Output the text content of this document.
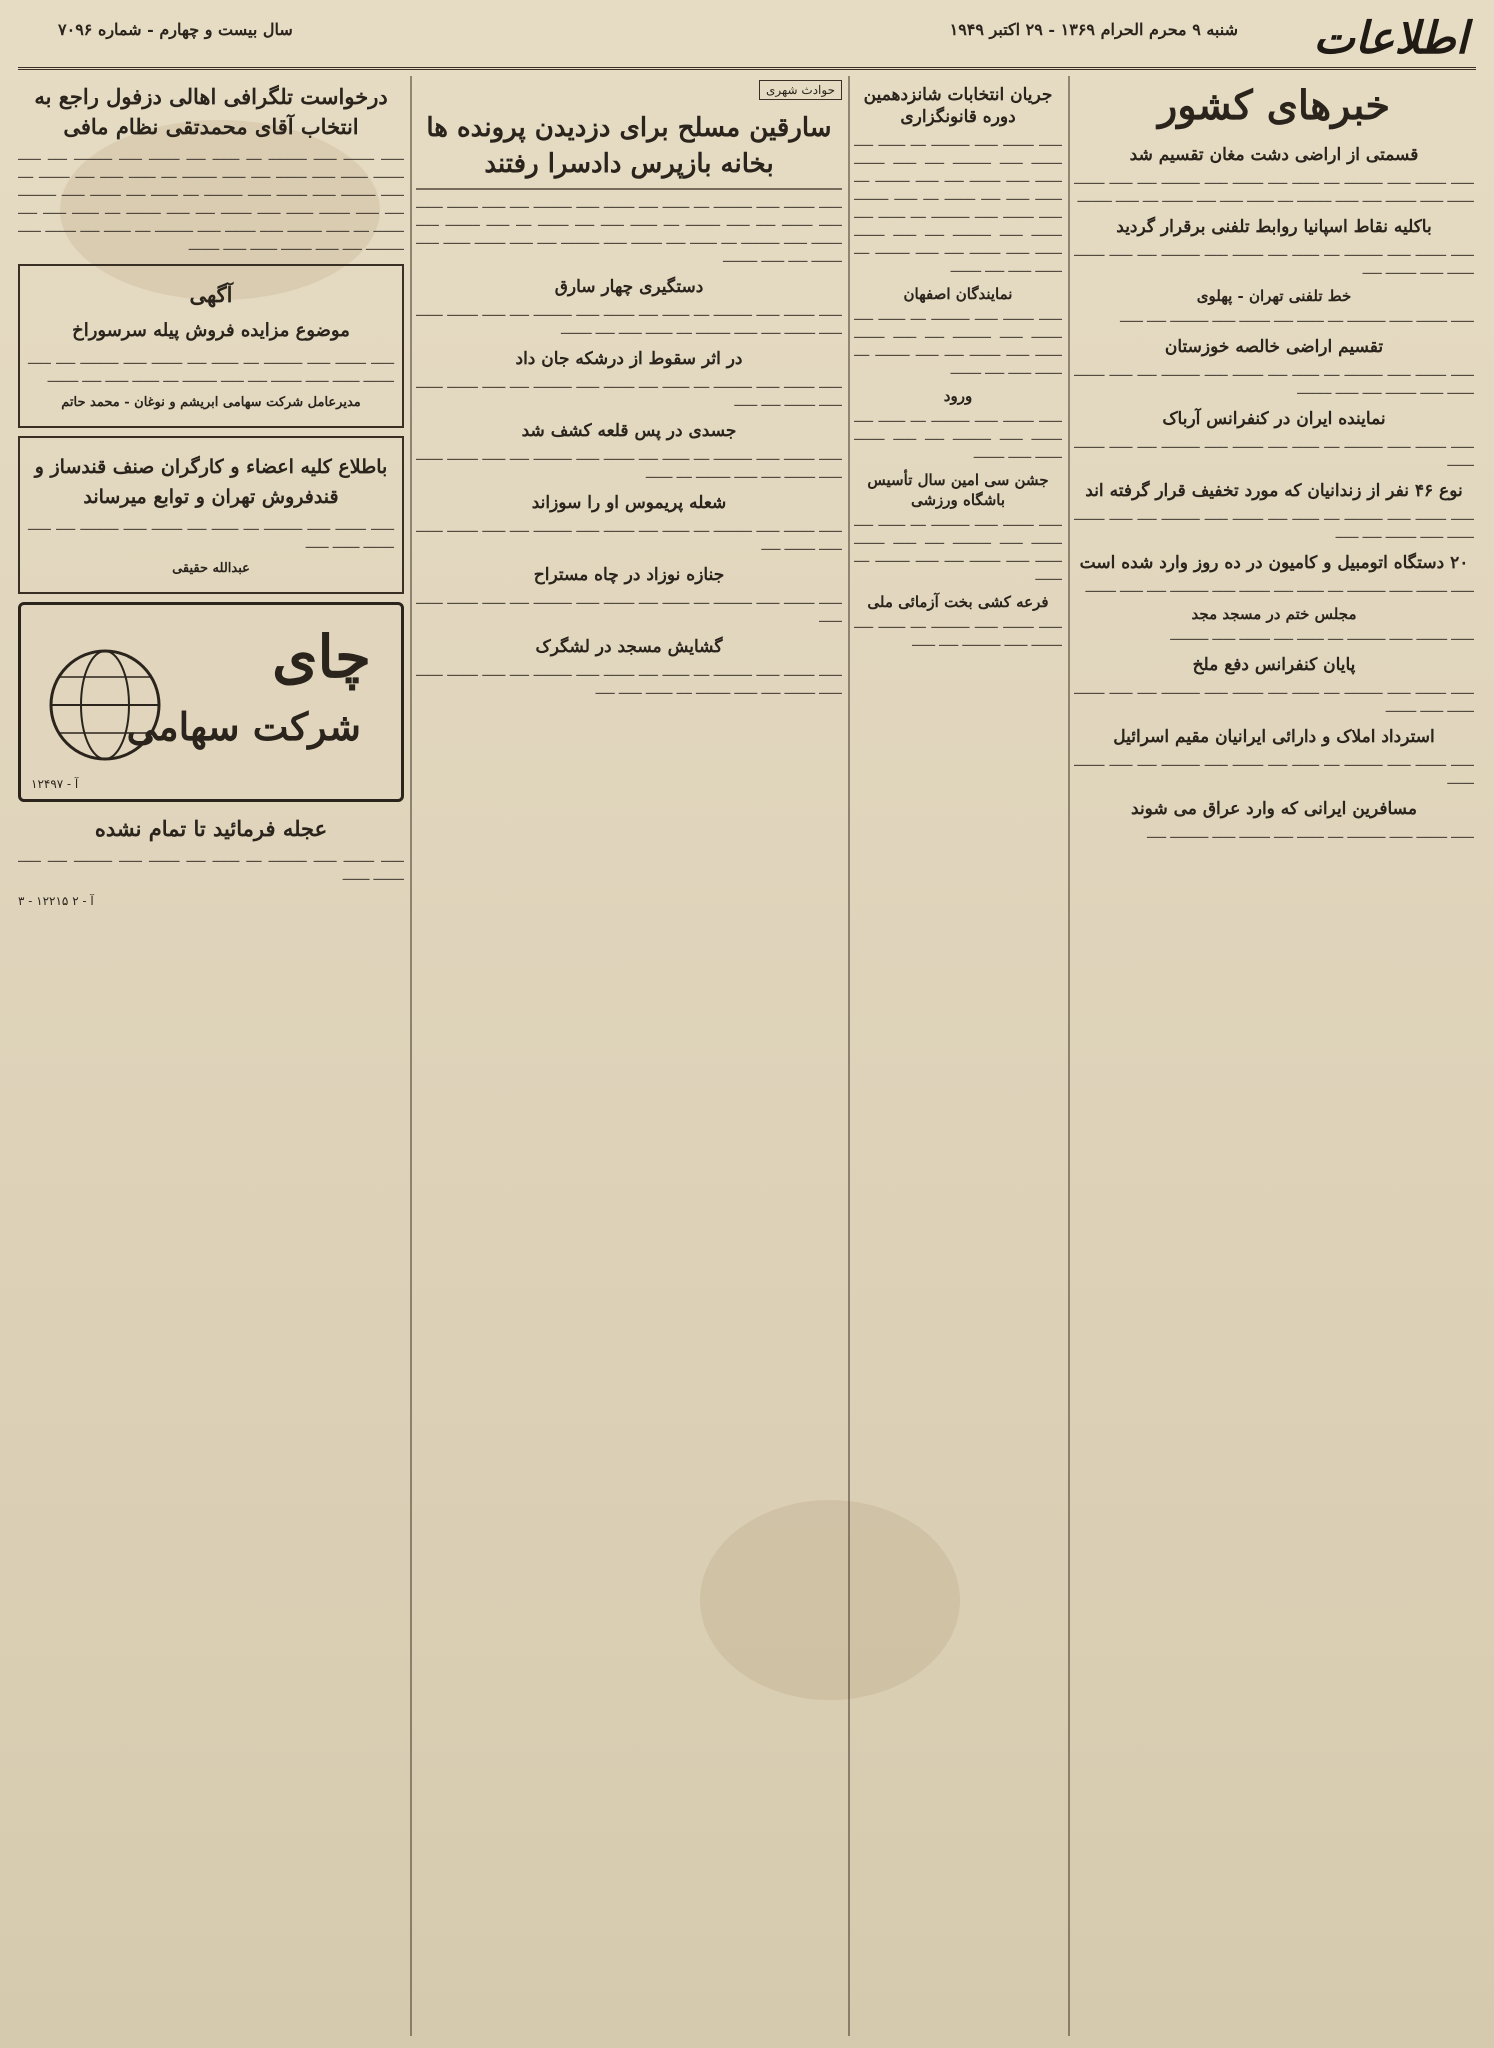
اطلاعات
شنبه ۹ محرم الحرام ۱۳۶۹ - ۲۹ اکتبر ۱۹۴۹
سال بیست و چهارم - شماره ۷۰۹۶
خبرهای کشور
قسمتی از اراضی دشت مغان تقسیم شد

ــــــ ــــــــ ــــــ ــــــــــ ــــ ـــــــ ـــــ ــــــــ ــــــ ــــــــــ ـــــ ــــــ ــــــــ ـــــــ ــــــ ــــــــ ـــــ ــــــ ـــــــــ ــــ ـــــــ ــــــ ـــــ ــــــــ ــــ ــــــ ـــــــــ

باکلیه نقاط اسپانیا روابط تلفنی برقرار گردید

ــــــ ــــــــ ــــــ ــــــــــ ــــ ـــــــ ـــــ ــــــــ ــــــ ــــــــــ ـــــ ــــــ ــــــــ ـــــــ ــــــ ــــــــ ـــــ

خط تلفنی تهران - پهلوی

ــــــ ــــــــ ــــــ ــــــــــ ــــ ـــــــ ـــــ ــــــــ ــــــ ــــــــــ ـــــ ــــــ

تقسیم اراضی خالصه خوزستان

ــــــ ــــــــ ــــــ ــــــــــ ــــ ـــــــ ـــــ ــــــــ ــــــ ــــــــــ ـــــ ــــــ ــــــــ ـــــــ ــــــ ــــــــ ـــــ ــــــ ـــــــــ

نماینده ایران در کنفرانس آرباک

ــــــ ــــــــ ــــــ ــــــــــ ــــ ـــــــ ـــــ ــــــــ ــــــ ــــــــــ ـــــ ــــــ ــــــــ ـــــــ

نوع ۴۶ نفر از زندانیان که مورد تخفیف قرار گرفته اند

ــــــ ــــــــ ــــــ ــــــــــ ــــ ـــــــ ـــــ ــــــــ ــــــ ــــــــــ ـــــ ــــــ ــــــــ ـــــــ ــــــ ــــــــ ـــــ ــــــ

۲۰ دستگاه اتومبیل و کامیون در ده روز وارد شده است

ــــــ ــــــــ ــــــ ــــــــــ ــــ ـــــــ ـــــ ــــــــ ــــــ ــــــــــ ـــــ ــــــ ــــــــ

مجلس ختم در مسجد مجد

ــــــ ــــــــ ــــــ ــــــــــ ــــ ـــــــ ـــــ ــــــــ ــــــ ــــــــــ

پایان کنفرانس دفع ملخ

ــــــ ــــــــ ــــــ ــــــــــ ــــ ـــــــ ـــــ ــــــــ ــــــ ــــــــــ ـــــ ــــــ ــــــــ ـــــــ ــــــ ــــــــ

استرداد املاک و دارائی ایرانیان مقیم اسرائیل

ــــــ ــــــــ ــــــ ــــــــــ ــــ ـــــــ ـــــ ــــــــ ــــــ ــــــــــ ـــــ ــــــ ــــــــ ـــــــ

مسافرین ایرانی که وارد عراق می شوند

ــــــ ــــــــ ــــــ ــــــــــ ــــ ـــــــ ـــــ ــــــــ ــــــ ــــــــــ ـــــ

جریان انتخابات شانزدهمین دوره قانونگزاری

ــــــ ــــــــ ــــــ ــــــــــ ــــ ـــــــ ـــــ ــــــــ ــــــ ــــــــــ ـــــ ــــــ ــــــــ ـــــــ ــــــ ــــــــ ـــــ ــــــ ـــــــــ ــــ ـــــــ ــــــ ـــــ ــــــــ ــــ ــــــ ـــــــــ ــــــ ــــــــ ــــــ ــــــــــ ــــ ـــــــ ـــــ ــــــــ ــــــ ــــــــــ ـــــ ــــــ ــــــــ ـــــــ ــــــ ــــــــ ـــــ ــــــ ـــــــــ ــــ ـــــــ ــــــ ـــــ ــــــــ

نمایندگان اصفهان

ــــــ ــــــــ ــــــ ــــــــــ ــــ ـــــــ ـــــ ــــــــ ــــــ ــــــــــ ـــــ ــــــ ــــــــ ـــــــ ــــــ ــــــــ ـــــ ــــــ ـــــــــ ــــ ـــــــ ــــــ ـــــ ــــــــ

ورود

ــــــ ــــــــ ــــــ ــــــــــ ــــ ـــــــ ـــــ ــــــــ ــــــ ــــــــــ ـــــ ــــــ ــــــــ ـــــــ ــــــ ــــــــ

جشن سی امین سال تأسیس باشگاه ورزشی

ــــــ ــــــــ ــــــ ــــــــــ ــــ ـــــــ ـــــ ــــــــ ــــــ ــــــــــ ـــــ ــــــ ــــــــ ـــــــ ــــــ ــــــــ ـــــ ــــــ ـــــــــ ــــ ـــــــ

فرعه کشی بخت آزمائی ملی

ــــــ ــــــــ ــــــ ــــــــــ ــــ ـــــــ ـــــ ــــــــ ــــــ ــــــــــ ـــــ ــــــ

حوادث شهری
سارقین مسلح برای دزدیدن پرونده ها بخانه بازپرس دادسرا رفتند

ــــــ ــــــــ ــــــ ــــــــــ ــــ ـــــــ ـــــ ــــــــ ــــــ ــــــــــ ـــــ ــــــ ــــــــ ـــــــ ــــــ ــــــــ ـــــ ــــــ ـــــــــ ــــ ـــــــ ــــــ ـــــ ــــــــ ــــ ــــــ ـــــــــ ــــــ ــــــــ ــــــ ــــــــــ ــــ ـــــــ ـــــ ــــــــ ــــــ ــــــــــ ـــــ ــــــ ــــــــ ـــــــ ــــــ ــــــــ ـــــ ــــــ ـــــــــ

دستگیری چهار سارق

ــــــ ــــــــ ــــــ ــــــــــ ــــ ـــــــ ـــــ ــــــــ ــــــ ــــــــــ ـــــ ــــــ ــــــــ ـــــــ ــــــ ــــــــ ـــــ ــــــ ـــــــــ ــــ ـــــــ ــــــ ـــــ ــــــــ

در اثر سقوط از درشکه جان داد

ــــــ ــــــــ ــــــ ــــــــــ ــــ ـــــــ ـــــ ــــــــ ــــــ ــــــــــ ـــــ ــــــ ــــــــ ـــــــ ــــــ ــــــــ ـــــ ــــــ

جسدی در پس قلعه کشف شد

ــــــ ــــــــ ــــــ ــــــــــ ــــ ـــــــ ـــــ ــــــــ ــــــ ــــــــــ ـــــ ــــــ ــــــــ ـــــــ ــــــ ــــــــ ـــــ ــــــ ـــــــــ ــــ ـــــــ

شعله پریموس او را سوزاند

ــــــ ــــــــ ــــــ ــــــــــ ــــ ـــــــ ـــــ ــــــــ ــــــ ــــــــــ ـــــ ــــــ ــــــــ ـــــــ ــــــ ــــــــ ـــــ

جنازه نوزاد در چاه مستراح

ــــــ ــــــــ ــــــ ــــــــــ ــــ ـــــــ ـــــ ــــــــ ــــــ ــــــــــ ـــــ ــــــ ــــــــ ـــــــ ــــــ

گشایش مسجد در لشگرک

ــــــ ــــــــ ــــــ ــــــــــ ــــ ـــــــ ـــــ ــــــــ ــــــ ــــــــــ ـــــ ــــــ ــــــــ ـــــــ ــــــ ــــــــ ـــــ ــــــ ـــــــــ ــــ ـــــــ ــــــ ـــــ

درخواست تلگرافی اهالی دزفول راجع به انتخاب آقای محمدتقی نظام مافی

ــــــ ــــــــ ــــــ ــــــــــ ــــ ـــــــ ـــــ ــــــــ ــــــ ــــــــــ ـــــ ــــــ ــــــــ ـــــــ ــــــ ــــــــ ـــــ ــــــ ـــــــــ ــــ ـــــــ ــــــ ـــــ ــــــــ ــــ ــــــ ـــــــــ ــــــ ــــــــ ــــــ ــــــــــ ــــ ـــــــ ـــــ ــــــــ ــــــ ــــــــــ ـــــ ــــــ ــــــــ ـــــــ ــــــ ــــــــ ـــــ ــــــ ـــــــــ ــــ ـــــــ ــــــ ـــــ ــــــــ ــــ ــــــ ـــــــــ ــــــ ــــــــ ــــــ ــــــــــ ــــ ـــــــ ـــــ ــــــــ ــــــ ــــــــــ ـــــ ــــــ ــــــــ ـــــــ ــــــ ــــــــ

آگهی
موضوع مزایده فروش پیله سرسوراخ

ــــــ ــــــــ ــــــ ــــــــــ ــــ ـــــــ ـــــ ــــــــ ــــــ ــــــــــ ـــــ ــــــ ــــــــ ـــــــ ــــــ ــــــــ ـــــ ــــــ ـــــــــ ــــ ـــــــ ــــــ ـــــ ــــــــ

مدیرعامل شرکت سهامی ابریشم و نوغان - محمد حاتم

باطلاع کلیه اعضاء و کارگران صنف قندساز و قندفروش تهران و توابع میرساند

ــــــ ــــــــ ــــــ ــــــــــ ــــ ـــــــ ـــــ ــــــــ ــــــ ــــــــــ ـــــ ــــــ ــــــــ ـــــــ ــــــ

عبدالله حقیقی

چای
شرکت سهامی
آ - ۱۲۴۹۷
عجله فرمائید تا تمام نشده

ــــــ ــــــــ ــــــ ــــــــــ ــــ ـــــــ ـــــ ــــــــ ــــــ ــــــــــ ـــــ ــــــ ــــــــ ـــــــ

آ - ۲ ۱۲۲۱۵ - ۳
